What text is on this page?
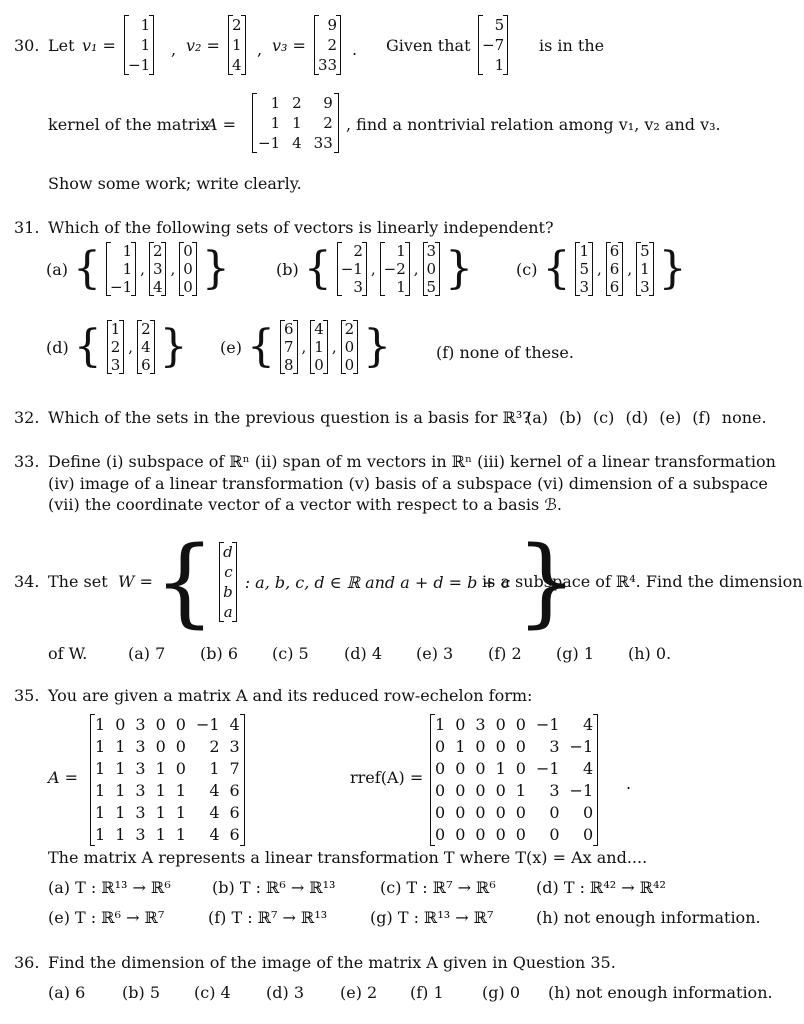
30. Let v₁ =
1
1
−1
, v₂ =
2
1
4
, v₃ =
9
2
33
. Given that
5
−7
1
is in the
kernel of the matrix
A =
1	2	9
1	1	2
−1	4	33
, find a nontrivial relation among v₁, v₂ and v₃.
Show some work; write clearly.
31. Which of the following sets of vectors is linearly independent?
(a) { 1
1
−1
,
2
3
4
,
0
0
0 }	(b) { 2
−1
3
,
1
−2
1
,
3
0
5 }	(c) { 1
5
3
,
6
6
6
,
5
1
3 }
(d) { 1
2
3
,
2
4
6 } (e) { 6
7
8
,
4
1
0
,
2
0
0 }	(f) none of these.
32. Which of the sets in the previous question is a basis for ℝ³?
(a) (b) (c) (d) (e) (f) none.
33. Define (i) subspace of ℝⁿ (ii) span of m vectors in ℝⁿ (iii) kernel of a linear transformation
(iv) image of a linear transformation (v) basis of a subspace (vi) dimension of a subspace
(vii) the coordinate vector of a vector with respect to a basis ℬ.
34. The set W = { d
c
b
a
: a, b, c, d ∈ ℝ and a + d = b + c }
is a subspace of ℝ⁴. Find the dimension
of W.	(a) 7 (b) 6 (c) 5 (d) 4 (e) 3 (f) 2 (g) 1 (h) 0.
35. You are given a matrix A and its reduced row-echelon form:
A =
1	0	3	0	0	−1	4
1	1	3	0	0	2	3
1	1	3	1	0	1	7
1	1	3	1	1	4	6
1	1	3	1	1	4	6
1	1	3	1	1	4	6
rref(A) =
1	0	3	0	0	−1	4
0	1	0	0	0	3	−1
0	0	0	1	0	−1	4
0	0	0	0	1	3	−1
0	0	0	0	0	0	0
0	0	0	0	0	0	0
.
The matrix A represents a linear transformation T where T(x) = Ax and....
(a) T : ℝ¹³ → ℝ⁶	(b) T : ℝ⁶ → ℝ¹³	(c) T : ℝ⁷ → ℝ⁶	(d) T : ℝ⁴² → ℝ⁴²
(e) T : ℝ⁶ → ℝ⁷	(f) T : ℝ⁷ → ℝ¹³	(g) T : ℝ¹³ → ℝ⁷	(h) not enough information.
36. Find the dimension of the image of the matrix A given in Question 35.
(a) 6 (b) 5 (c) 4 (d) 3 (e) 2 (f) 1 (g) 0 (h) not enough information.
